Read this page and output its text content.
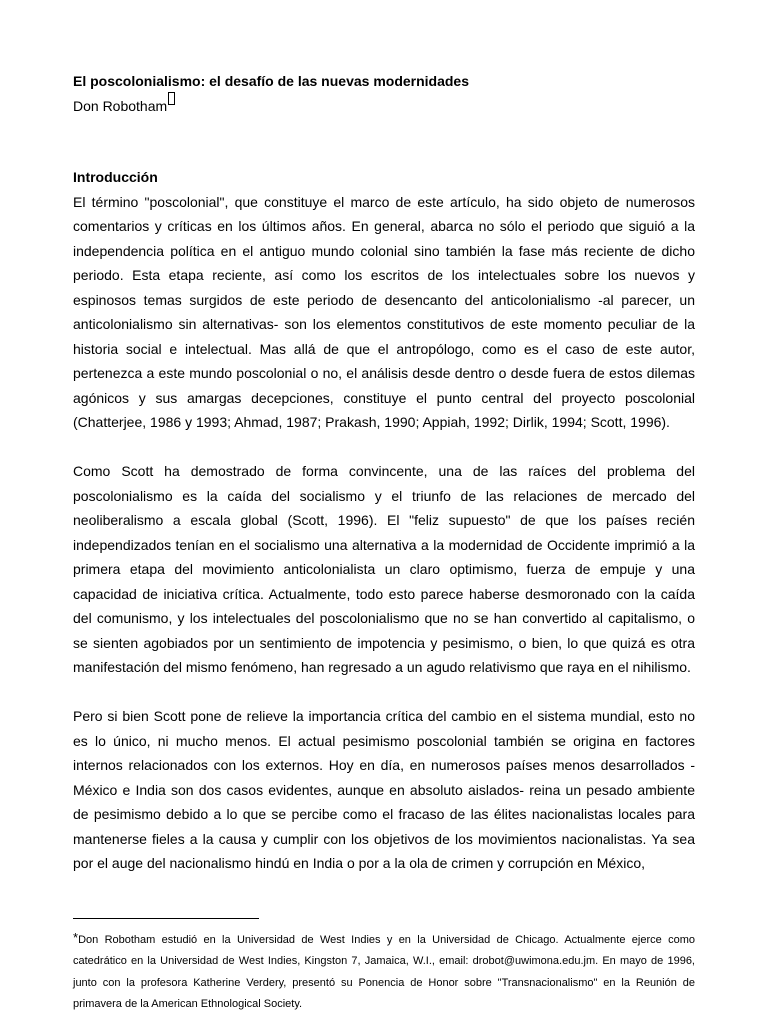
El poscolonialismo: el desafío de las nuevas modernidades

Don Robotham

Introducción

El término "poscolonial", que constituye el marco de este artículo, ha sido objeto de numerosos comentarios y críticas en los últimos años. En general, abarca no sólo el periodo que siguió a la independencia política en el antiguo mundo colonial sino también la fase más reciente de dicho periodo. Esta etapa reciente, así como los escritos de los intelectuales sobre los nuevos y espinosos temas surgidos de este periodo de desencanto del anticolonialismo -al parecer, un anticolonialismo sin alternativas- son los elementos constitutivos de este momento peculiar de la historia social e intelectual. Mas allá de que el antropólogo, como es el caso de este autor, pertenezca a este mundo poscolonial o no, el análisis desde dentro o desde fuera de estos dilemas agónicos y sus amargas decepciones, constituye el punto central del proyecto poscolonial (Chatterjee, 1986 y 1993; Ahmad, 1987; Prakash, 1990; Appiah, 1992; Dirlik, 1994; Scott, 1996).

Como Scott ha demostrado de forma convincente, una de las raíces del problema del poscolonialismo es la caída del socialismo y el triunfo de las relaciones de mercado del neoliberalismo a escala global (Scott, 1996). El "feliz supuesto" de que los países recién independizados tenían en el socialismo una alternativa a la modernidad de Occidente imprimió a la primera etapa del movimiento anticolonialista un claro optimismo, fuerza de empuje y una capacidad de iniciativa crítica. Actualmente, todo esto parece haberse desmoronado con la caída del comunismo, y los intelectuales del poscolonialismo que no se han convertido al capitalismo, o se sienten agobiados por un sentimiento de impotencia y pesimismo, o bien, lo que quizá es otra manifestación del mismo fenómeno, han regresado a un agudo relativismo que raya en el nihilismo.

Pero si bien Scott pone de relieve la importancia crítica del cambio en el sistema mundial, esto no es lo único, ni mucho menos. El actual pesimismo poscolonial también se origina en factores internos relacionados con los externos. Hoy en día, en numerosos países menos desarrollados - México e India son dos casos evidentes, aunque en absoluto aislados- reina un pesado ambiente de pesimismo debido a lo que se percibe como el fracaso de las élites nacionalistas locales para mantenerse fieles a la causa y cumplir con los objetivos de los movimientos nacionalistas. Ya sea por el auge del nacionalismo hindú en India o por a la ola de crimen y corrupción en México,

*Don Robotham estudió en la Universidad de West Indies y en la Universidad de Chicago. Actualmente ejerce como catedrático en la Universidad de West Indies, Kingston 7, Jamaica, W.I., email: drobot@uwimona.edu.jm. En mayo de 1996, junto con la profesora Katherine Verdery, presentó su Ponencia de Honor sobre "Transnacionalismo" en la Reunión de primavera de la American Ethnological Society.
